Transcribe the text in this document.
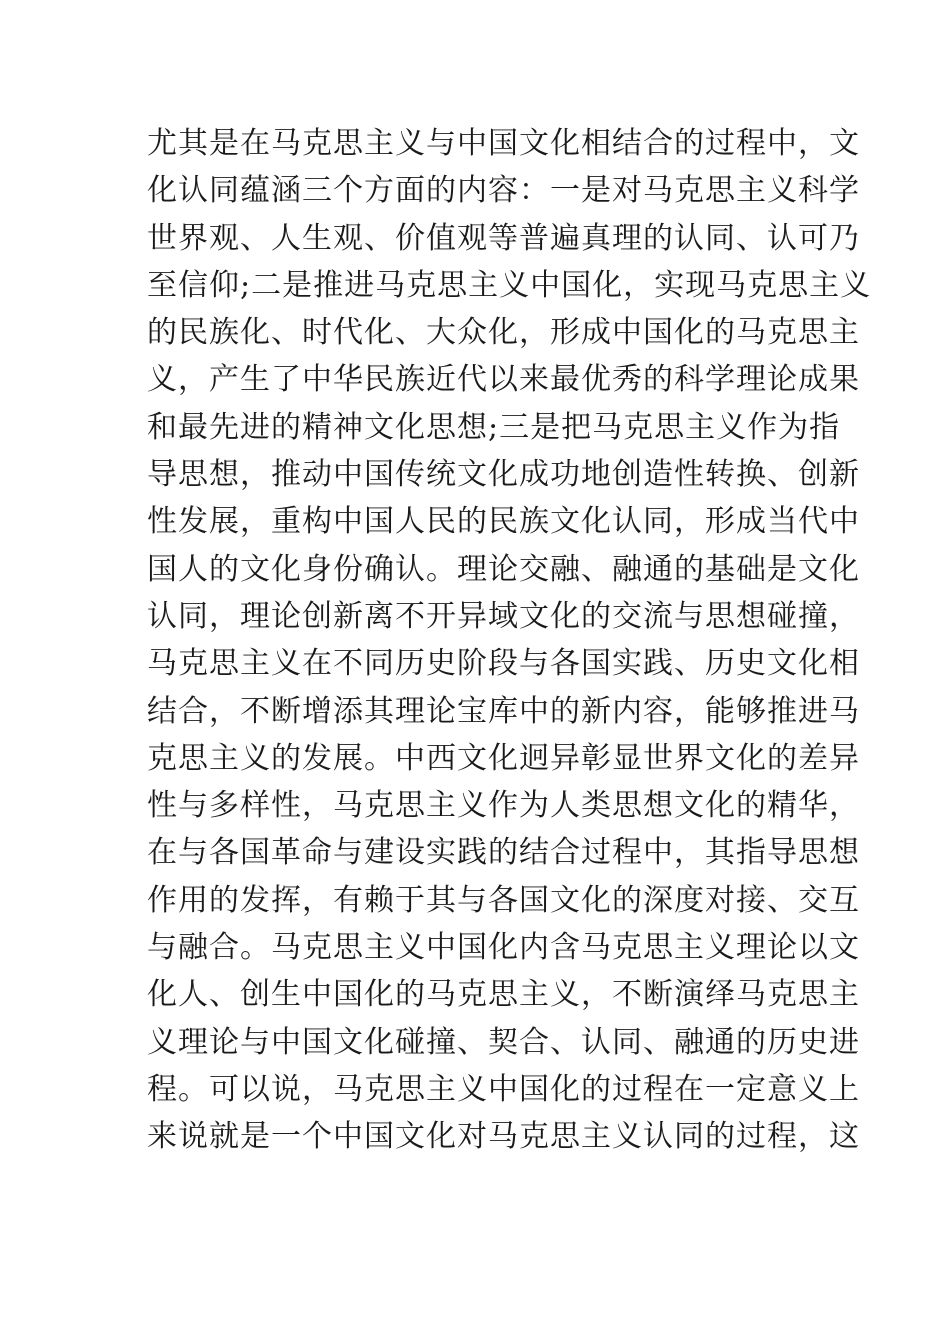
尤其是在马克思主义与中国文化相结合的过程中，文
化认同蕴涵三个方面的内容：一是对马克思主义科学
世界观、人生观、价值观等普遍真理的认同、认可乃
至信仰;二是推进马克思主义中国化，实现马克思主义
的民族化、时代化、大众化，形成中国化的马克思主
义，产生了中华民族近代以来最优秀的科学理论成果
和最先进的精神文化思想;三是把马克思主义作为指
导思想，推动中国传统文化成功地创造性转换、创新
性发展，重构中国人民的民族文化认同，形成当代中
国人的文化身份确认。理论交融、融通的基础是文化
认同，理论创新离不开异域文化的交流与思想碰撞，
马克思主义在不同历史阶段与各国实践、历史文化相
结合，不断增添其理论宝库中的新内容，能够推进马
克思主义的发展。中西文化迥异彰显世界文化的差异
性与多样性，马克思主义作为人类思想文化的精华，
在与各国革命与建设实践的结合过程中，其指导思想
作用的发挥，有赖于其与各国文化的深度对接、交互
与融合。马克思主义中国化内含马克思主义理论以文
化人、创生中国化的马克思主义，不断演绎马克思主
义理论与中国文化碰撞、契合、认同、融通的历史进
程。可以说，马克思主义中国化的过程在一定意义上
来说就是一个中国文化对马克思主义认同的过程，这
